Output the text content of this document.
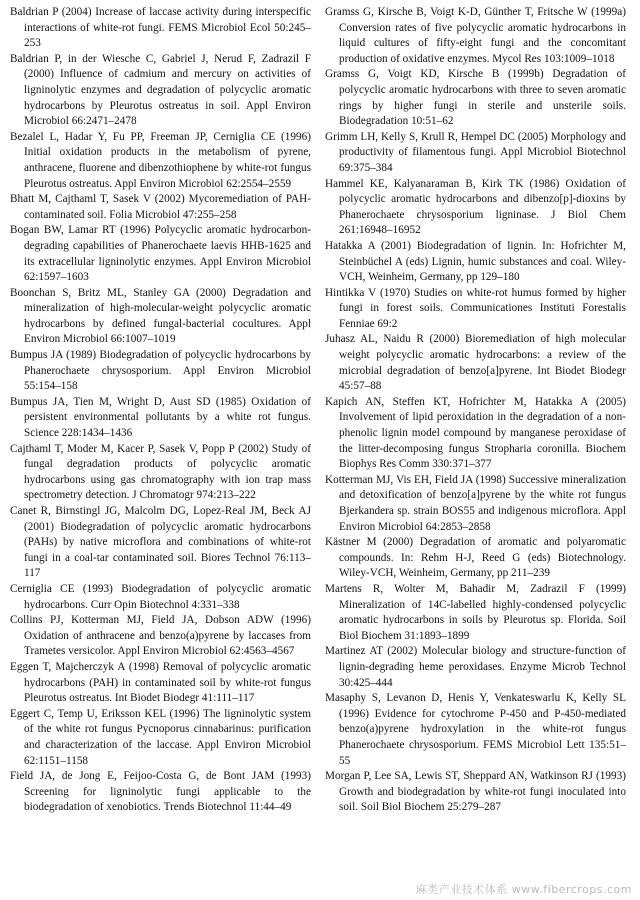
Baldrian P (2004) Increase of laccase activity during interspecific interactions of white-rot fungi. FEMS Microbiol Ecol 50:245–253

Baldrian P, in der Wiesche C, Gabriel J, Nerud F, Zadrazil F (2000) Influence of cadmium and mercury on activities of ligninolytic enzymes and degradation of polycyclic aromatic hydrocarbons by Pleurotus ostreatus in soil. Appl Environ Microbiol 66:2471–2478

Bezalel L, Hadar Y, Fu PP, Freeman JP, Cerniglia CE (1996) Initial oxidation products in the metabolism of pyrene, anthracene, fluorene and dibenzothiophene by white-rot fungus Pleurotus ostreatus. Appl Environ Microbiol 62:2554–2559

Bhatt M, Cajthaml T, Sasek V (2002) Mycoremediation of PAH-contaminated soil. Folia Microbiol 47:255–258

Bogan BW, Lamar RT (1996) Polycyclic aromatic hydrocarbon-degrading capabilities of Phanerochaete laevis HHB-1625 and its extracellular ligninolytic enzymes. Appl Environ Microbiol 62:1597–1603

Boonchan S, Britz ML, Stanley GA (2000) Degradation and mineralization of high-molecular-weight polycyclic aromatic hydrocarbons by defined fungal-bacterial cocultures. Appl Environ Microbiol 66:1007–1019

Bumpus JA (1989) Biodegradation of polycyclic hydrocarbons by Phanerochaete chrysosporium. Appl Environ Microbiol 55:154–158

Bumpus JA, Tien M, Wright D, Aust SD (1985) Oxidation of persistent environmental pollutants by a white rot fungus. Science 228:1434–1436

Cajthaml T, Moder M, Kacer P, Sasek V, Popp P (2002) Study of fungal degradation products of polycyclic aromatic hydrocarbons using gas chromatography with ion trap mass spectrometry detection. J Chromatogr 974:213–222

Canet R, Birnstingl JG, Malcolm DG, Lopez-Real JM, Beck AJ (2001) Biodegradation of polycyclic aromatic hydrocarbons (PAHs) by native microflora and combinations of white-rot fungi in a coal-tar contaminated soil. Biores Technol 76:113–117

Cerniglia CE (1993) Biodegradation of polycyclic aromatic hydrocarbons. Curr Opin Biotechnol 4:331–338

Collins PJ, Kotterman MJ, Field JA, Dobson ADW (1996) Oxidation of anthracene and benzo(a)pyrene by laccases from Trametes versicolor. Appl Environ Microbiol 62:4563–4567

Eggen T, Majcherczyk A (1998) Removal of polycyclic aromatic hydrocarbons (PAH) in contaminated soil by white-rot fungus Pleurotus ostreatus. Int Biodet Biodegr 41:111–117

Eggert C, Temp U, Eriksson KEL (1996) The ligninolytic system of the white rot fungus Pycnoporus cinnabarinus: purification and characterization of the laccase. Appl Environ Microbiol 62:1151–1158

Field JA, de Jong E, Feijoo-Costa G, de Bont JAM (1993) Screening for ligninolytic fungi applicable to the biodegradation of xenobiotics. Trends Biotechnol 11:44–49

Gramss G, Kirsche B, Voigt K-D, Günther T, Fritsche W (1999a) Conversion rates of five polycyclic aromatic hydrocarbons in liquid cultures of fifty-eight fungi and the concomitant production of oxidative enzymes. Mycol Res 103:1009–1018

Gramss G, Voigt KD, Kirsche B (1999b) Degradation of polycyclic aromatic hydrocarbons with three to seven aromatic rings by higher fungi in sterile and unsterile soils. Biodegradation 10:51–62

Grimm LH, Kelly S, Krull R, Hempel DC (2005) Morphology and productivity of filamentous fungi. Appl Microbiol Biotechnol 69:375–384

Hammel KE, Kalyanaraman B, Kirk TK (1986) Oxidation of polycyclic aromatic hydrocarbons and dibenzo[p]-dioxins by Phanerochaete chrysosporium ligninase. J Biol Chem 261:16948–16952

Hatakka A (2001) Biodegradation of lignin. In: Hofrichter M, Steinbüchel A (eds) Lignin, humic substances and coal. Wiley-VCH, Weinheim, Germany, pp 129–180

Hintikka V (1970) Studies on white-rot humus formed by higher fungi in forest soils. Communicationes Instituti Forestalis Fenniae 69:2

Juhasz AL, Naidu R (2000) Bioremediation of high molecular weight polycyclic aromatic hydrocarbons: a review of the microbial degradation of benzo[a]pyrene. Int Biodet Biodegr 45:57–88

Kapich AN, Steffen KT, Hofrichter M, Hatakka A (2005) Involvement of lipid peroxidation in the degradation of a non-phenolic lignin model compound by manganese peroxidase of the litter-decomposing fungus Stropharia coronilla. Biochem Biophys Res Comm 330:371–377

Kotterman MJ, Vis EH, Field JA (1998) Successive mineralization and detoxification of benzo[a]pyrene by the white rot fungus Bjerkandera sp. strain BOS55 and indigenous microflora. Appl Environ Microbiol 64:2853–2858

Kästner M (2000) Degradation of aromatic and polyaromatic compounds. In: Rehm H-J, Reed G (eds) Biotechnology. Wiley-VCH, Weinheim, Germany, pp 211–239

Martens R, Wolter M, Bahadir M, Zadrazil F (1999) Mineralization of 14C-labelled highly-condensed polycyclic aromatic hydrocarbons in soils by Pleurotus sp. Florida. Soil Biol Biochem 31:1893–1899

Martinez AT (2002) Molecular biology and structure-function of lignin-degrading heme peroxidases. Enzyme Microb Technol 30:425–444

Masaphy S, Levanon D, Henis Y, Venkateswarlu K, Kelly SL (1996) Evidence for cytochrome P-450 and P-450-mediated benzo(a)pyrene hydroxylation in the white-rot fungus Phanerochaete chrysosporium. FEMS Microbiol Lett 135:51–55

Morgan P, Lee SA, Lewis ST, Sheppard AN, Watkinson RJ (1993) Growth and biodegradation by white-rot fungi inoculated into soil. Soil Biol Biochem 25:279–287

麻类产业技术体系 www.fibercrops.com
